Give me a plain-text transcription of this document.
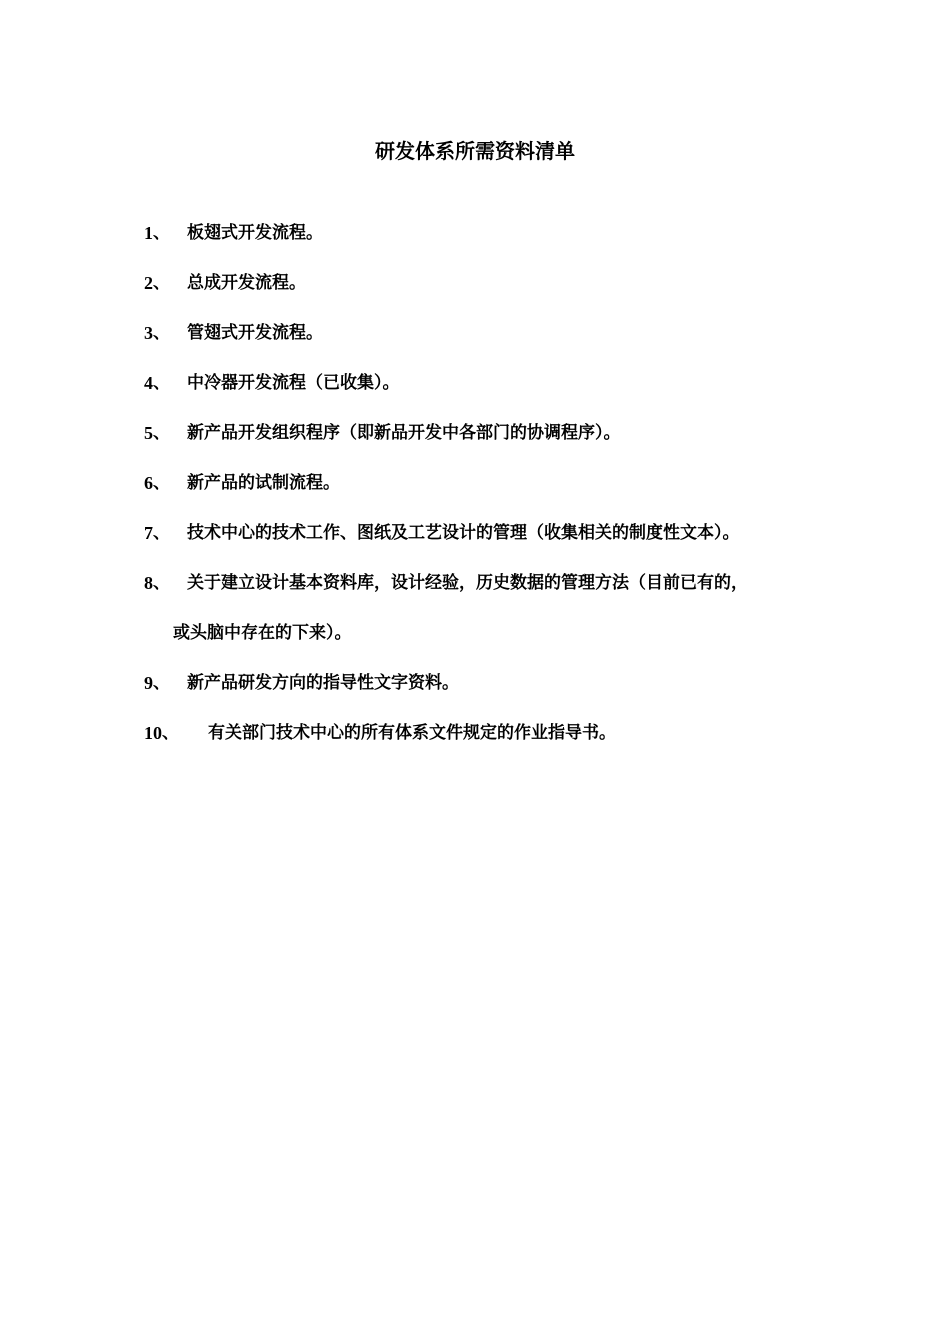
研发体系所需资料清单
1 、	板翅式开发流程。
2 、	总成开发流程。
3 、	管翅式开发流程。
4 、	中冷器开发流程（已收集）。
5 、	新产品开发组织程序（即新品开发中各部门的协调程序）。
6 、	新产品的试制流程。
7 、	技术中心的技术工作、图纸及工艺设计的管理（收集相关的制度性文本）。
8 、	关于建立设计基本资料库，设计经验，历史数据的管理方法（目前已有的，
或头脑中存在的下来）。
9 、	新产品研发方向的指导性文字资料。
10 、	有关部门技术中心的所有体系文件规定的作业指导书。
